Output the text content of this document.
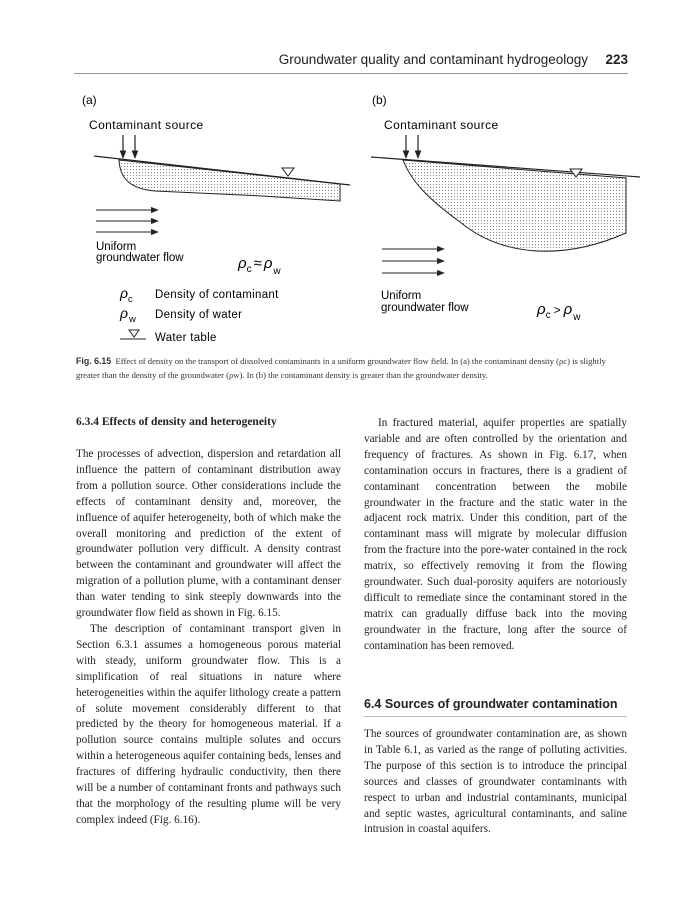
Groundwater quality and contaminant hydrogeology 223
(a)
Contaminant source
Uniform
groundwater flow	$\rho_c \approx \rho_w$
$\rho_c$ Density of contaminant
$\rho_w$ Density of water
Water table
(b)
Contaminant source
Uniform
groundwater flow	$\rho_c$ > $\rho_w$
Fig. 6.15 Effect of density on the transport of dissolved contaminants in a uniform groundwater flow field. In (a) the contaminant density (ρc) is slightly greater than the density of the groundwater (ρw). In (b) the contaminant density is greater than the groundwater density.
6.3.4 Effects of density and heterogeneity

The processes of advection, dispersion and retardation all influence the pattern of contaminant distribution away from a pollution source. Other considerations include the effects of contaminant density and, moreover, the influence of aquifer heterogeneity, both of which make the overall monitoring and prediction of the extent of groundwater pollution very difficult. A density contrast between the contaminant and groundwater will affect the migration of a pollution plume, with a contaminant denser than water tending to sink steeply downwards into the groundwater flow field as shown in Fig. 6.15.

The description of contaminant transport given in Section 6.3.1 assumes a homogeneous porous material with steady, uniform groundwater flow. This is a simplification of real situations in nature where heterogeneities within the aquifer lithology create a pattern of solute movement considerably different to that predicted by the theory for homogeneous material. If a pollution source contains multiple solutes and occurs within a heterogeneous aquifer containing beds, lenses and fractures of differing hydraulic conductivity, then there will be a number of contaminant fronts and pathways such that the morphology of the resulting plume will be very complex indeed (Fig. 6.16).

In fractured material, aquifer properties are spatially variable and are often controlled by the orientation and frequency of fractures. As shown in Fig. 6.17, when contamination occurs in fractures, there is a gradient of contaminant concentration between the mobile groundwater in the fracture and the static water in the adjacent rock matrix. Under this condition, part of the contaminant mass will migrate by molecular diffusion from the fracture into the pore-water contained in the rock matrix, so effectively removing it from the flowing groundwater. Such dual-porosity aquifers are notoriously difficult to remediate since the contaminant stored in the matrix can gradually diffuse back into the moving groundwater in the fracture, long after the source of contamination has been removed.

6.4 Sources of groundwater contamination

The sources of groundwater contamination are, as shown in Table 6.1, as varied as the range of polluting activities. The purpose of this section is to introduce the principal sources and classes of groundwater contaminants with respect to urban and industrial contaminants, municipal and septic wastes, agricultural contaminants, and saline intrusion in coastal aquifers.
